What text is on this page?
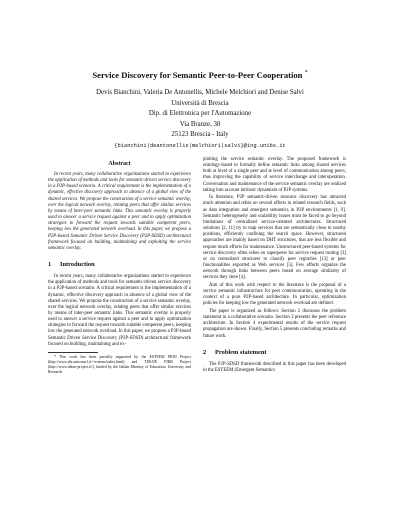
Service Discovery for Semantic Peer-to-Peer Cooperation *
Devis Bianchini, Valeria De Antonellis, Michele Melchiori and Denise Salvi
Università di Brescia
Dip. di Elettronica per l'Automazione
Via Branze, 38
25123 Brescia - Italy
{bianchini|deantonellis|melchiori|salvi}@ing.unibs.it
Abstract

In recent years, many collaborative organizations started to experience the application of methods and tools for semantic-driven service discovery in a P2P-based scenario. A critical requirement is the implementation of a dynamic, effective discovery approach in absence of a global view of the shared services. We propose the construction of a service semantic overlay, over the logical network overlay, relating peers that offer similar services by means of inter-peer semantic links. This semantic overlay is properly used to answer a service request against a peer and to apply optimization strategies to forward the request towards suitable competent peers, keeping low the generated network overload. In this paper, we propose a P2P-based Semantic Driven Service Discovery (P2P-SDSD) architectural framework focused on building, maintaining and exploiting the service semantic overlay.

1 Introduction

In recent years, many collaborative organizations started to experience the application of methods and tools for semantic-driven service discovery in a P2P-based scenario. A critical requirement is the implementation of a dynamic, effective discovery approach in absence of a global view of the shared services. We propose the construction of a service semantic overlay, over the logical network overlay, relating peers that offer similar services by means of inter-peer semantic links. This semantic overlay is properly used to answer a service request against a peer and to apply optimization strategies to forward the request towards suitable competent peers, keeping low the generated network overload. In this paper, we propose a P2P-based Semantic Driven Service Discovery (P2P-SDSD) architectural framework focused on building, maintaining and ex-

* This work has been partially supported by the ESTEEM PRIN Project (http://www.dis.uniroma1.it/~esteem/index.html) and TEKNE FIRB Project (http://www.tekne-project.it/), funded by the Italian Ministry of Education, University and Research.

ploiting the service semantic overlay. The proposed framework is ontology-based to formally define semantic links among shared services both at level of a single peer and at level of communication among peers, thus improving the capability of service interchange and interoperation. Conversation and maintenance of the service semantic overlay are realized taking into account intrinsic dynamism of P2P systems.

In literature, P2P semantic-driven resource discovery has attracted much attention and relies on several efforts in related research fields, such as data integration and emergent semantics in P2P environments [1, 9]. Semantic heterogeneity and scalability issues must be faced to go beyond limitations of centralized service-oriented architectures. Structured solutions [2, 11] try to map services that are semantically close to nearby positions, efficiently confining the search space. However, structured approaches are mainly based on DHT structures, that are less flexible and require much efforts for maintenance. Unstructured peer-based systems for service discovery often relies on superpeers for service request routing [3] or on centralized structures to classify peer registries [13] or peer functionalities exported as Web services [5]. Few efforts organize the network through links between peers based on average similarity of services they store [4].

Aim of this work with respect to the literature is the proposal of a service semantic infrastructure for peer communication, operating in the context of a pure P2P-based architecture. In particular, optimization policies for keeping low the generated network overload are defined.

The paper is organized as follows: Section 2 discusses the problem statement in a collaborative scenario. Section 3 presents the peer reference architecture. In Section 4 experimental results of the service request propagation are shown. Finally, Section 5 presents concluding remarks and future work.

2 Problem statement

The P2P-SDSD framework described in this paper has been developed in the ESTEEM (Emergent Semantics
